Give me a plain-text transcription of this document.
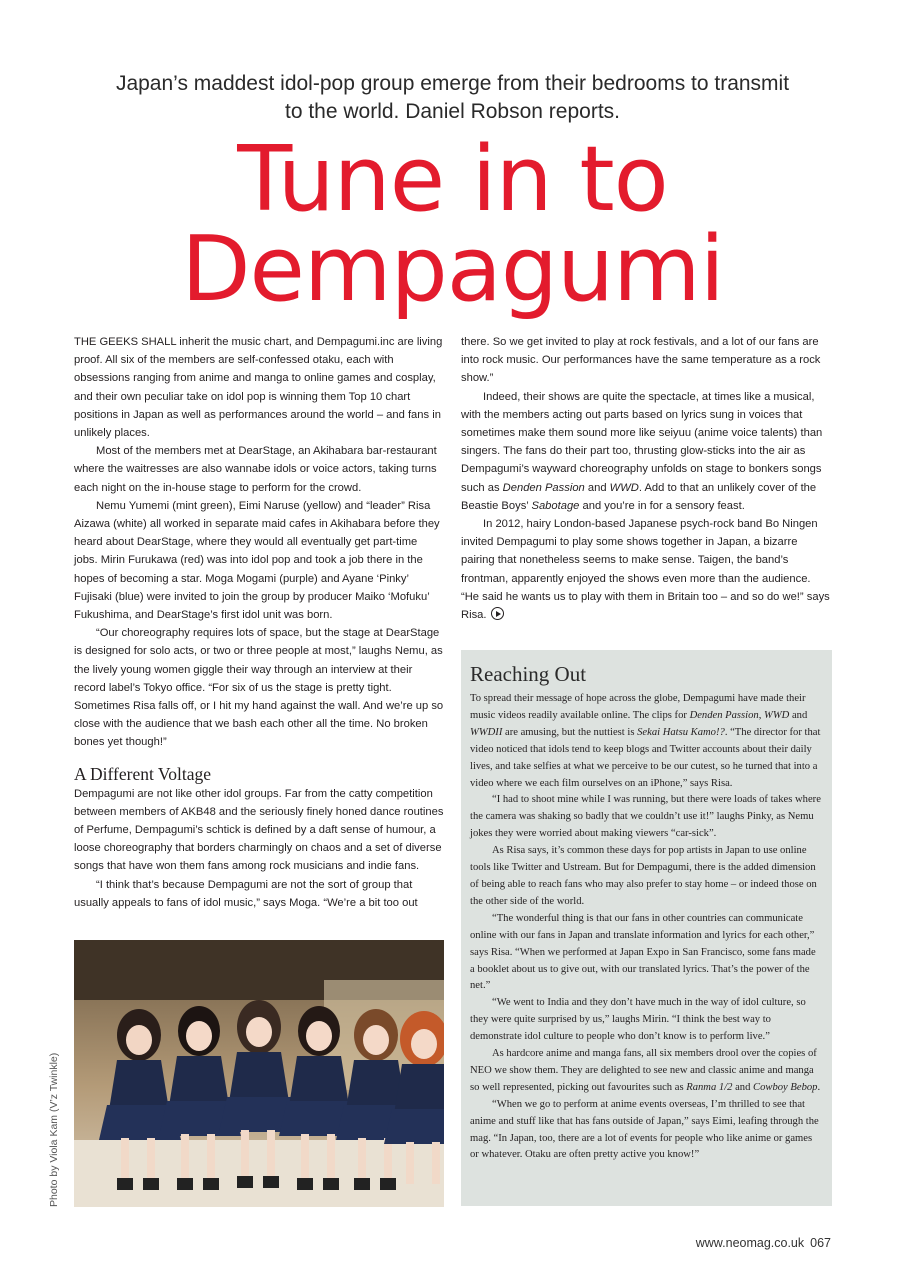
Japan’s maddest idol-pop group emerge from their bedrooms to transmit
to the world. Daniel Robson reports.
Tune in to
Dempagumi

THE GEEKS SHALL inherit the music chart, and Dempagumi.inc are living proof. All six of the members are self-confessed otaku, each with obsessions ranging from anime and manga to online games and cosplay, and their own peculiar take on idol pop is winning them Top 10 chart positions in Japan as well as performances around the world – and fans in unlikely places.

Most of the members met at DearStage, an Akihabara bar-restaurant where the waitresses are also wannabe idols or voice actors, taking turns each night on the in-house stage to perform for the crowd.

Nemu Yumemi (mint green), Eimi Naruse (yellow) and “leader” Risa Aizawa (white) all worked in separate maid cafes in Akihabara before they heard about DearStage, where they would all eventually get part-time jobs. Mirin Furukawa (red) was into idol pop and took a job there in the hopes of becoming a star. Moga Mogami (purple) and Ayane ‘Pinky’ Fujisaki (blue) were invited to join the group by producer Maiko ‘Mofuku’ Fukushima, and DearStage’s first idol unit was born.

“Our choreography requires lots of space, but the stage at DearStage is designed for solo acts, or two or three people at most,” laughs Nemu, as the lively young women giggle their way through an interview at their record label’s Tokyo office. “For six of us the stage is pretty tight. Sometimes Risa falls off, or I hit my hand against the wall. And we’re up so close with the audience that we bash each other all the time. No broken bones yet though!”

A Different Voltage

Dempagumi are not like other idol groups. Far from the catty competition between members of AKB48 and the seriously finely honed dance routines of Perfume, Dempagumi’s schtick is defined by a daft sense of humour, a loose choreography that borders charmingly on chaos and a set of diverse songs that have won them fans among rock musicians and indie fans.

“I think that’s because Dempagumi are not the sort of group that usually appeals to fans of idol music,” says Moga. “We’re a bit too out

Photo by Viola Kam (V’z Twinkle)

there. So we get invited to play at rock festivals, and a lot of our fans are into rock music. Our performances have the same temperature as a rock show.”

Indeed, their shows are quite the spectacle, at times like a musical, with the members acting out parts based on lyrics sung in voices that sometimes make them sound more like seiyuu (anime voice talents) than singers. The fans do their part too, thrusting glow-sticks into the air as Dempagumi’s wayward choreography unfolds on stage to bonkers songs such as Denden Passion and WWD. Add to that an unlikely cover of the Beastie Boys’ Sabotage and you’re in for a sensory feast.

In 2012, hairy London-based Japanese psych-rock band Bo Ningen invited Dempagumi to play some shows together in Japan, a bizarre pairing that nonetheless seems to make sense. Taigen, the band’s frontman, apparently enjoyed the shows even more than the audience. “He said he wants us to play with them in Britain too – and so do we!” says Risa.

Reaching Out

To spread their message of hope across the globe, Dempagumi have made their music videos readily available online. The clips for Denden Passion, WWD and WWDII are amusing, but the nuttiest is Sekai Hatsu Kamo!?. “The director for that video noticed that idols tend to keep blogs and Twitter accounts about their daily lives, and take selfies at what we perceive to be our cutest, so he turned that into a video where we each film ourselves on an iPhone,” says Risa.

“I had to shoot mine while I was running, but there were loads of takes where the camera was shaking so badly that we couldn’t use it!” laughs Pinky, as Nemu jokes they were worried about making viewers “car-sick”.

As Risa says, it’s common these days for pop artists in Japan to use online tools like Twitter and Ustream. But for Dempagumi, there is the added dimension of being able to reach fans who may also prefer to stay home – or indeed those on the other side of the world.

“The wonderful thing is that our fans in other countries can communicate online with our fans in Japan and translate information and lyrics for each other,” says Risa. “When we performed at Japan Expo in San Francisco, some fans made a booklet about us to give out, with our translated lyrics. That’s the power of the net.”

“We went to India and they don’t have much in the way of idol culture, so they were quite surprised by us,” laughs Mirin. “I think the best way to demonstrate idol culture to people who don’t know is to perform live.”

As hardcore anime and manga fans, all six members drool over the copies of NEO we show them. They are delighted to see new and classic anime and manga so well represented, picking out favourites such as Ranma 1/2 and Cowboy Bebop.

“When we go to perform at anime events overseas, I’m thrilled to see that anime and stuff like that has fans outside of Japan,” says Eimi, leafing through the mag. “In Japan, too, there are a lot of events for people who like anime or games or whatever. Otaku are often pretty active you know!”

www.neomag.co.uk 067
